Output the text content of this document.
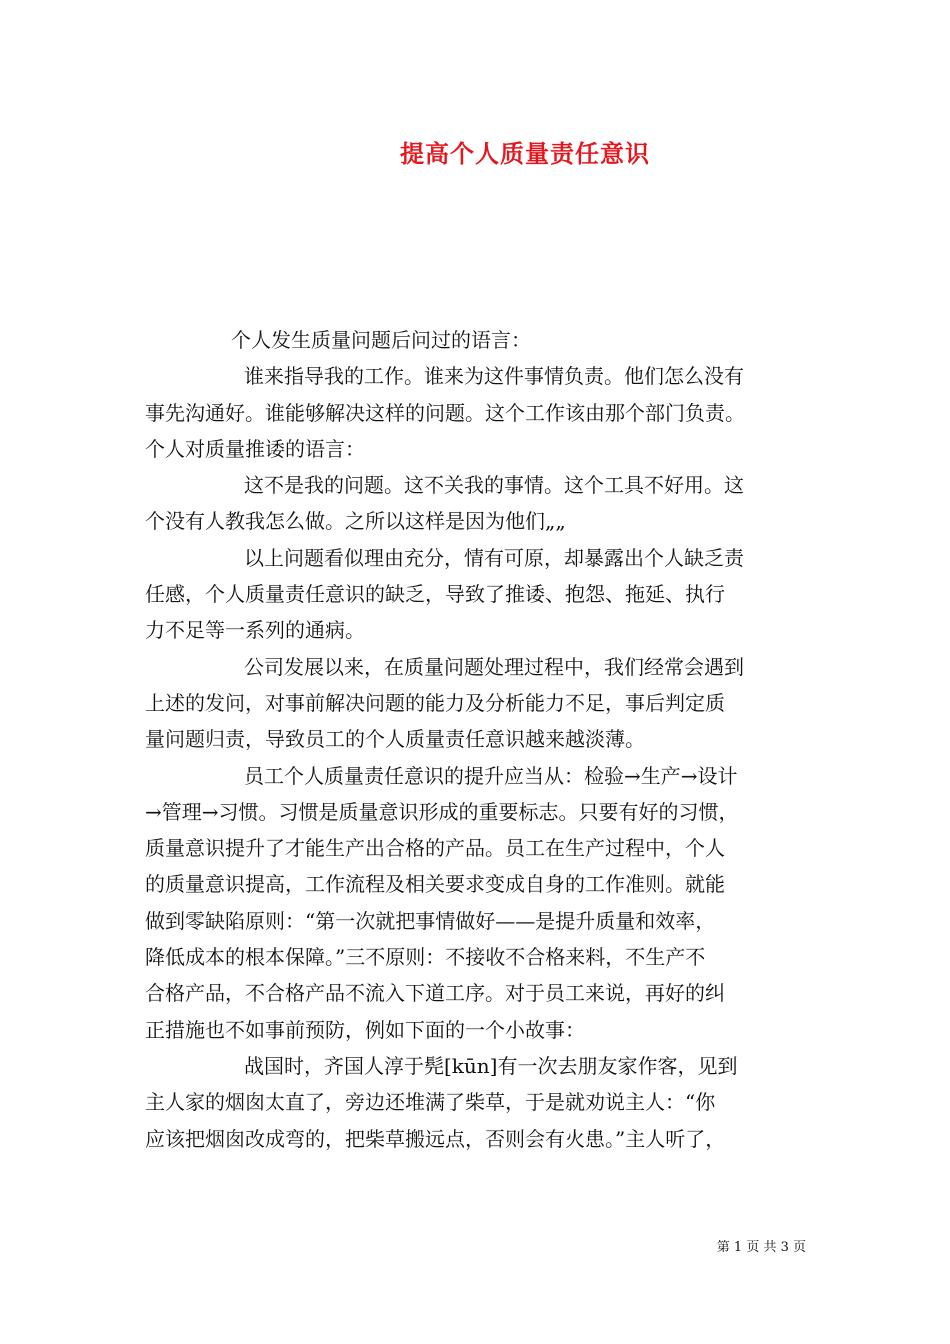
提高个人质量责任意识
个人发生质量问题后问过的语言：
谁来指导我的工作。谁来为这件事情负责。他们怎么没有
事先沟通好。谁能够解决这样的问题。这个工作该由那个部门负责。
个人对质量推诿的语言：
这不是我的问题。这不关我的事情。这个工具不好用。这
个没有人教我怎么做。之所以这样是因为他们„„
以上问题看似理由充分，情有可原，却暴露出个人缺乏责
任感，个人质量责任意识的缺乏，导致了推诿、抱怨、拖延、执行
力不足等一系列的通病。
公司发展以来，在质量问题处理过程中，我们经常会遇到
上述的发问，对事前解决问题的能力及分析能力不足，事后判定质
量问题归责，导致员工的个人质量责任意识越来越淡薄。
员工个人质量责任意识的提升应当从：检验→生产→设计
→管理→习惯。习惯是质量意识形成的重要标志。只要有好的习惯，
质量意识提升了才能生产出合格的产品。员工在生产过程中，个人
的质量意识提高，工作流程及相关要求变成自身的工作准则。就能
做到零缺陷原则：“第一次就把事情做好——是提升质量和效率，
降低成本的根本保障。”三不原则：不接收不合格来料，不生产不
合格产品，不合格产品不流入下道工序。对于员工来说，再好的纠
正措施也不如事前预防，例如下面的一个小故事：
战国时，齐国人淳于髡[kūn]有一次去朋友家作客，见到
主人家的烟囱太直了，旁边还堆满了柴草，于是就劝说主人：“你
应该把烟囱改成弯的，把柴草搬远点，否则会有火患。”主人听了，
第 1 页 共 3 页
